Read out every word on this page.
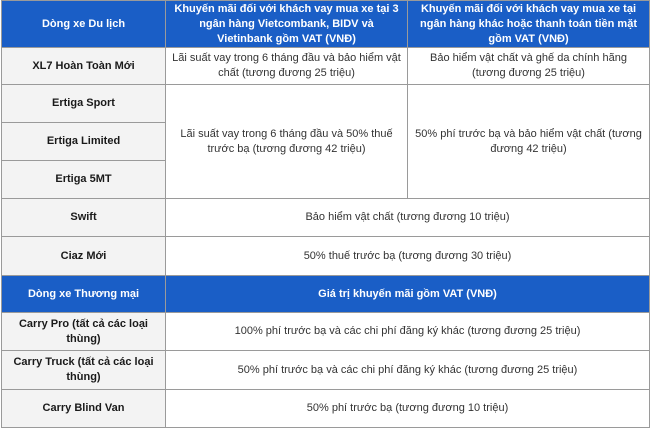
Dòng xe Du lịch	Khuyến mãi đối với khách vay mua xe tại 3 ngân hàng Vietcombank, BIDV và Vietinbank gồm VAT (VNĐ)	Khuyến mãi đối với khách vay mua xe tại ngân hàng khác hoặc thanh toán tiền mặt gồm VAT (VNĐ)
XL7 Hoàn Toàn Mới	Lãi suất vay trong 6 tháng đầu và bảo hiểm vật chất (tương đương 25 triệu)	Bảo hiểm vật chất và ghế da chính hãng (tương đương 25 triệu)
Ertiga Sport	Lãi suất vay trong 6 tháng đầu và 50% thuế trước bạ (tương đương 42 triệu)	50% phí trước bạ và bảo hiểm vật chất (tương đương 42 triệu)
Ertiga Limited		
Ertiga 5MT		
Swift	Bảo hiểm vật chất (tương đương 10 triệu)	
Ciaz Mới	50% thuế trước bạ (tương đương 30 triệu)	
Dòng xe Thương mại	Giá trị khuyến mãi gồm VAT (VNĐ)	
Carry Pro (tất cả các loại thùng)	100% phí trước bạ và các chi phí đăng ký khác (tương đương 25 triệu)	
Carry Truck (tất cả các loại thùng)	50% phí trước bạ và các chi phí đăng ký khác (tương đương 25 triệu)	
Carry Blind Van	50% phí trước bạ (tương đương 10 triệu)	
